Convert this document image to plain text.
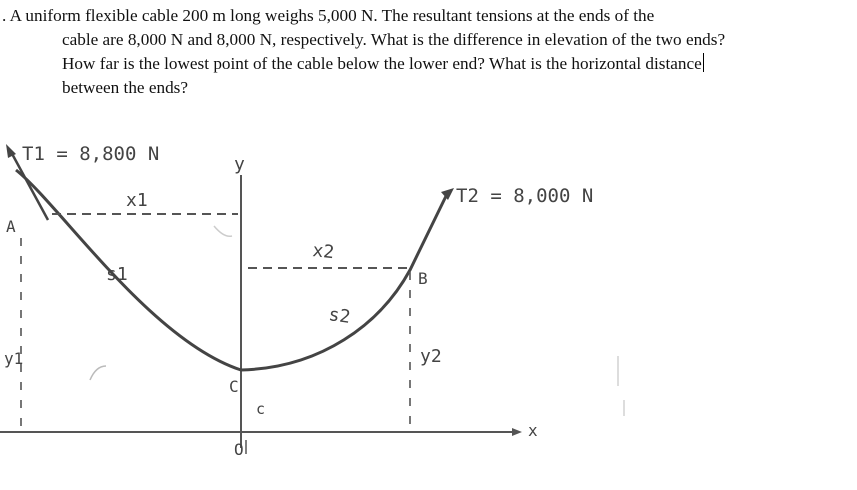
. A uniform flexible cable 200 m long weighs 5,000 N. The resultant tensions at the ends of the
cable are 8,000 N and 8,000 N, respectively. What is the difference in elevation of the two ends?
How far is the lowest point of the cable below the lower end? What is the horizontal distance
between the ends?
x
y
O
T1 = 8,800 N
T2 = 8,000 N
A
x1
y1
s1
x2
B
y2
s2
C
c
